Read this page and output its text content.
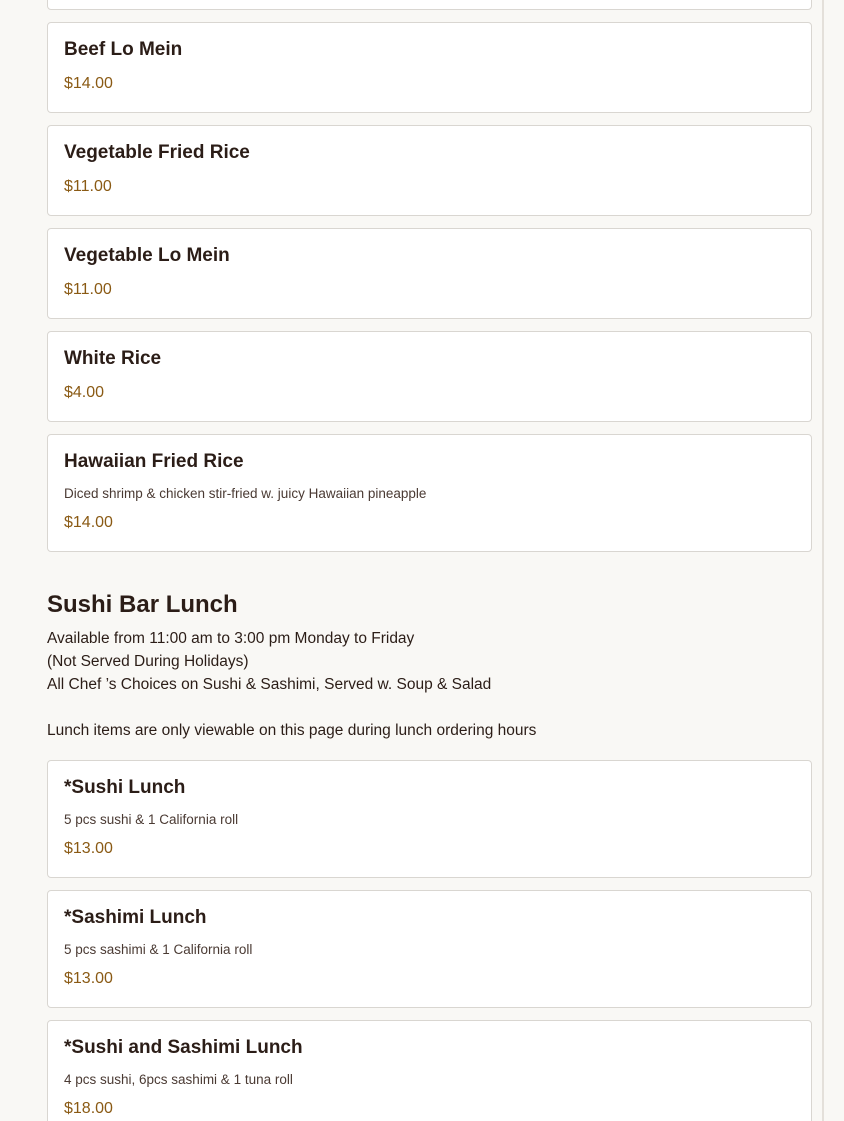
Beef Lo Mein
$14.00
Vegetable Fried Rice
$11.00
Vegetable Lo Mein
$11.00
White Rice
$4.00
Hawaiian Fried Rice
Diced shrimp & chicken stir-fried w. juicy Hawaiian pineapple
$14.00
Sushi Bar Lunch
Available from 11:00 am to 3:00 pm Monday to Friday
(Not Served During Holidays)
All Chef ’s Choices on Sushi & Sashimi, Served w. Soup & Salad
Lunch items are only viewable on this page during lunch ordering hours
*Sushi Lunch
5 pcs sushi & 1 California roll
$13.00
*Sashimi Lunch
5 pcs sashimi & 1 California roll
$13.00
*Sushi and Sashimi Lunch
4 pcs sushi, 6pcs sashimi & 1 tuna roll
$18.00
